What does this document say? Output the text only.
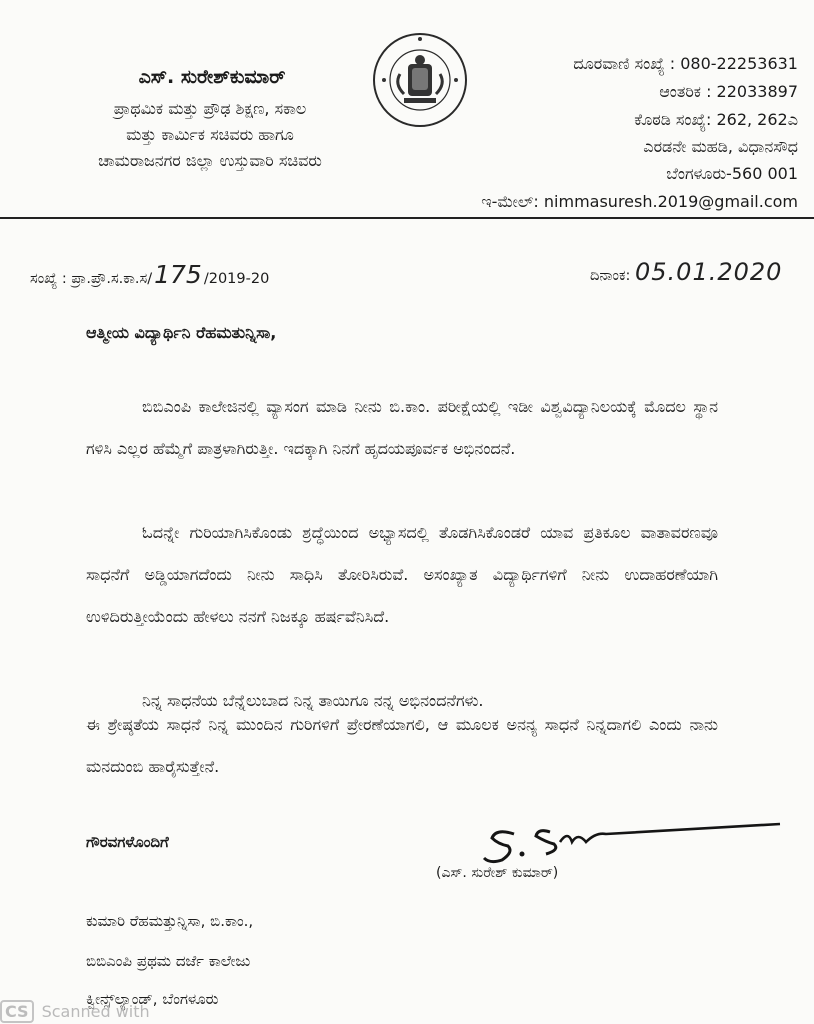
ಎಸ್. ಸುರೇಶ್‌ಕುಮಾರ್
ಪ್ರಾಥಮಿಕ ಮತ್ತು ಪ್ರೌಢ ಶಿಕ್ಷಣ, ಸಕಾಲ
ಮತ್ತು ಕಾರ್ಮಿಕ ಸಚಿವರು ಹಾಗೂ
ಚಾಮರಾಜನಗರ ಜಿಲ್ಲಾ ಉಸ್ತುವಾರಿ ಸಚಿವರು
ದೂರವಾಣಿ ಸಂಖ್ಯೆ : 080-22253631
ಆಂತರಿಕ : 22033897
ಕೊಠಡಿ ಸಂಖ್ಯೆ: 262, 262ಎ
ಎರಡನೇ ಮಹಡಿ, ವಿಧಾನಸೌಧ
ಬೆಂಗಳೂರು-560 001
ಇ-ಮೇಲ್: nimmasuresh.2019@gmail.com
ಸಂಖ್ಯೆ : ಪ್ರಾ.ಪ್ರೌ.ಸ.ಕಾ.ಸ/175 /2019-20	ದಿನಾಂಕ: 05.01.2020
ಆತ್ಮೀಯ ವಿದ್ಯಾರ್ಥಿನಿ ರೆಹಮತುನ್ನಿಸಾ,
ಬಿಬಿಎಂಪಿ ಕಾಲೇಜಿನಲ್ಲಿ ವ್ಯಾಸಂಗ ಮಾಡಿ ನೀನು ಬಿ.ಕಾಂ. ಪರೀಕ್ಷೆಯಲ್ಲಿ ಇಡೀ ವಿಶ್ವವಿದ್ಯಾನಿಲಯಕ್ಕೆ ಮೊದಲ ಸ್ಥಾನ ಗಳಿಸಿ ಎಲ್ಲರ ಹೆಮ್ಮೆಗೆ ಪಾತ್ರಳಾಗಿರುತ್ತೀ. ಇದಕ್ಕಾಗಿ ನಿನಗೆ ಹೃದಯಪೂರ್ವಕ ಅಭಿನಂದನೆ.
ಓದನ್ನೇ ಗುರಿಯಾಗಿಸಿಕೊಂಡು ಶ್ರದ್ಧೆಯಿಂದ ಅಭ್ಯಾಸದಲ್ಲಿ ತೊಡಗಿಸಿಕೊಂಡರೆ ಯಾವ ಪ್ರತಿಕೂಲ ವಾತಾವರಣವೂ ಸಾಧನೆಗೆ ಅಡ್ಡಿಯಾಗದೆಂದು ನೀನು ಸಾಧಿಸಿ ತೋರಿಸಿರುವೆ. ಅಸಂಖ್ಯಾತ ವಿದ್ಯಾರ್ಥಿಗಳಿಗೆ ನೀನು ಉದಾಹರಣೆಯಾಗಿ ಉಳಿದಿರುತ್ತೀಯೆಂದು ಹೇಳಲು ನನಗೆ ನಿಜಕ್ಕೂ ಹರ್ಷವೆನಿಸಿದೆ.
ನಿನ್ನ ಸಾಧನೆಯ ಬೆನ್ನೆಲುಬಾದ ನಿನ್ನ ತಾಯಿಗೂ ನನ್ನ ಅಭಿನಂದನೆಗಳು.
ಈ ಶ್ರೇಷ್ಠತೆಯ ಸಾಧನೆ ನಿನ್ನ ಮುಂದಿನ ಗುರಿಗಳಿಗೆ ಪ್ರೇರಣೆಯಾಗಲಿ, ಆ ಮೂಲಕ ಅನನ್ಯ ಸಾಧನೆ ನಿನ್ನದಾಗಲಿ ಎಂದು ನಾನು ಮನದುಂಬಿ ಹಾರೈಸುತ್ತೇನೆ.
ಗೌರವಗಳೊಂದಿಗೆ
(ಎಸ್. ಸುರೇಶ್ ಕುಮಾರ್)
ಕುಮಾರಿ ರೆಹಮತ್ತುನ್ನಿಸಾ, ಬಿ.ಕಾಂ.,
ಬಿಬಿಎಂಪಿ ಪ್ರಥಮ ದರ್ಜೆ ಕಾಲೇಜು
ಕ್ವೀನ್ಸ್‌ಲ್ಯಾಂಡ್, ಬೆಂಗಳೂರು
CS Scanned with
